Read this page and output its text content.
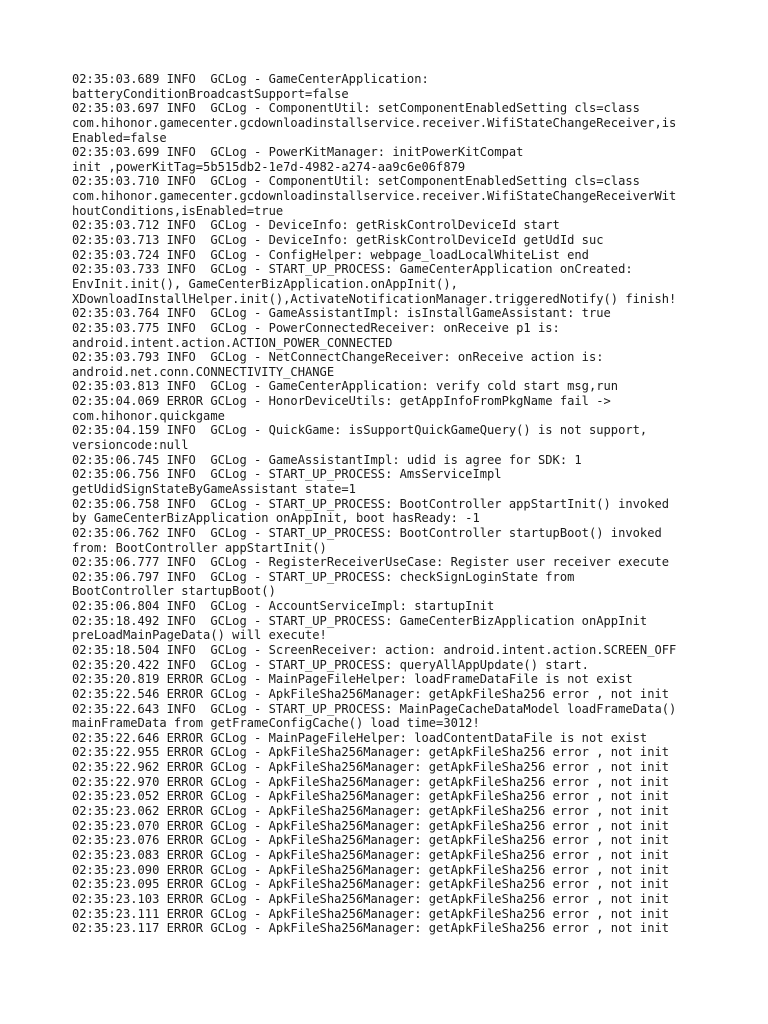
02:35:03.689 INFO  GCLog - GameCenterApplication:
batteryConditionBroadcastSupport=false
02:35:03.697 INFO  GCLog - ComponentUtil: setComponentEnabledSetting cls=class
com.hihonor.gamecenter.gcdownloadinstallservice.receiver.WifiStateChangeReceiver,is
Enabled=false
02:35:03.699 INFO  GCLog - PowerKitManager: initPowerKitCompat
init ,powerKitTag=5b515db2-1e7d-4982-a274-aa9c6e06f879
02:35:03.710 INFO  GCLog - ComponentUtil: setComponentEnabledSetting cls=class
com.hihonor.gamecenter.gcdownloadinstallservice.receiver.WifiStateChangeReceiverWit
houtConditions,isEnabled=true
02:35:03.712 INFO  GCLog - DeviceInfo: getRiskControlDeviceId start
02:35:03.713 INFO  GCLog - DeviceInfo: getRiskControlDeviceId getUdId suc
02:35:03.724 INFO  GCLog - ConfigHelper: webpage_loadLocalWhiteList end
02:35:03.733 INFO  GCLog - START_UP_PROCESS: GameCenterApplication onCreated:
EnvInit.init(), GameCenterBizApplication.onAppInit(),
XDownloadInstallHelper.init(),ActivateNotificationManager.triggeredNotify() finish!
02:35:03.764 INFO  GCLog - GameAssistantImpl: isInstallGameAssistant: true
02:35:03.775 INFO  GCLog - PowerConnectedReceiver: onReceive p1 is:
android.intent.action.ACTION_POWER_CONNECTED
02:35:03.793 INFO  GCLog - NetConnectChangeReceiver: onReceive action is:
android.net.conn.CONNECTIVITY_CHANGE
02:35:03.813 INFO  GCLog - GameCenterApplication: verify cold start msg,run
02:35:04.069 ERROR GCLog - HonorDeviceUtils: getAppInfoFromPkgName fail ->
com.hihonor.quickgame
02:35:04.159 INFO  GCLog - QuickGame: isSupportQuickGameQuery() is not support,
versioncode:null
02:35:06.745 INFO  GCLog - GameAssistantImpl: udid is agree for SDK: 1
02:35:06.756 INFO  GCLog - START_UP_PROCESS: AmsServiceImpl
getUdidSignStateByGameAssistant state=1
02:35:06.758 INFO  GCLog - START_UP_PROCESS: BootController appStartInit() invoked
by GameCenterBizApplication onAppInit, boot hasReady: -1
02:35:06.762 INFO  GCLog - START_UP_PROCESS: BootController startupBoot() invoked
from: BootController appStartInit()
02:35:06.777 INFO  GCLog - RegisterReceiverUseCase: Register user receiver execute
02:35:06.797 INFO  GCLog - START_UP_PROCESS: checkSignLoginState from
BootController startupBoot()
02:35:06.804 INFO  GCLog - AccountServiceImpl: startupInit
02:35:18.492 INFO  GCLog - START_UP_PROCESS: GameCenterBizApplication onAppInit
preLoadMainPageData() will execute!
02:35:18.504 INFO  GCLog - ScreenReceiver: action: android.intent.action.SCREEN_OFF
02:35:20.422 INFO  GCLog - START_UP_PROCESS: queryAllAppUpdate() start.
02:35:20.819 ERROR GCLog - MainPageFileHelper: loadFrameDataFile is not exist
02:35:22.546 ERROR GCLog - ApkFileSha256Manager: getApkFileSha256 error , not init
02:35:22.643 INFO  GCLog - START_UP_PROCESS: MainPageCacheDataModel loadFrameData()
mainFrameData from getFrameConfigCache() load time=3012!
02:35:22.646 ERROR GCLog - MainPageFileHelper: loadContentDataFile is not exist
02:35:22.955 ERROR GCLog - ApkFileSha256Manager: getApkFileSha256 error , not init
02:35:22.962 ERROR GCLog - ApkFileSha256Manager: getApkFileSha256 error , not init
02:35:22.970 ERROR GCLog - ApkFileSha256Manager: getApkFileSha256 error , not init
02:35:23.052 ERROR GCLog - ApkFileSha256Manager: getApkFileSha256 error , not init
02:35:23.062 ERROR GCLog - ApkFileSha256Manager: getApkFileSha256 error , not init
02:35:23.070 ERROR GCLog - ApkFileSha256Manager: getApkFileSha256 error , not init
02:35:23.076 ERROR GCLog - ApkFileSha256Manager: getApkFileSha256 error , not init
02:35:23.083 ERROR GCLog - ApkFileSha256Manager: getApkFileSha256 error , not init
02:35:23.090 ERROR GCLog - ApkFileSha256Manager: getApkFileSha256 error , not init
02:35:23.095 ERROR GCLog - ApkFileSha256Manager: getApkFileSha256 error , not init
02:35:23.103 ERROR GCLog - ApkFileSha256Manager: getApkFileSha256 error , not init
02:35:23.111 ERROR GCLog - ApkFileSha256Manager: getApkFileSha256 error , not init
02:35:23.117 ERROR GCLog - ApkFileSha256Manager: getApkFileSha256 error , not init
